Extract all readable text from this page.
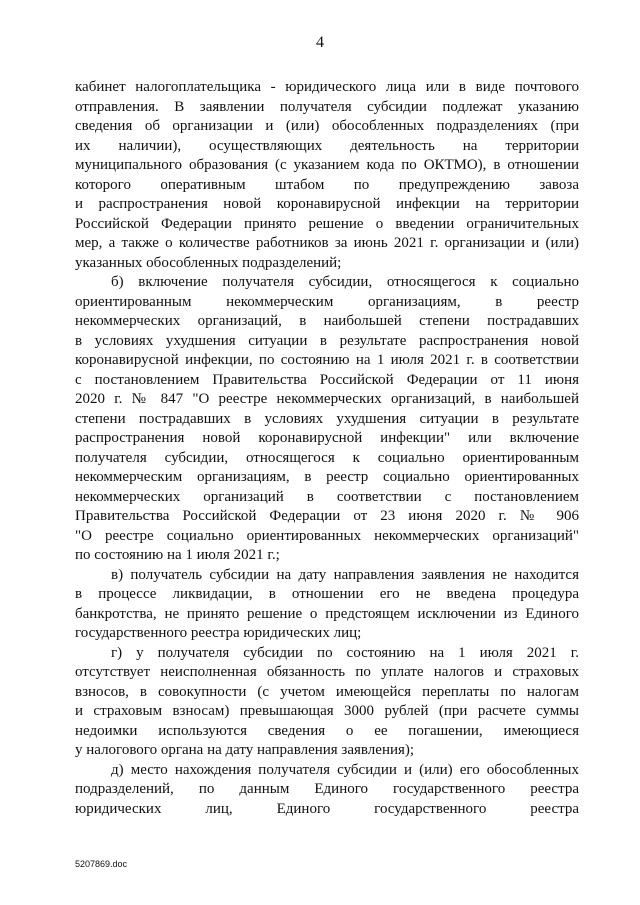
4
кабинет налогоплательщика - юридического лица или в виде почтового
отправления. В заявлении получателя субсидии подлежат указанию
сведения об организации и (или) обособленных подразделениях (при
их наличии), осуществляющих деятельность на территории
муниципального образования (с указанием кода по ОКТМО), в отношении
которого оперативным штабом по предупреждению завоза
и распространения новой коронавирусной инфекции на территории
Российской Федерации принято решение о введении ограничительных
мер, а также о количестве работников за июнь 2021 г. организации и (или)
указанных обособленных подразделений;
б) включение получателя субсидии, относящегося к социально
ориентированным некоммерческим организациям, в реестр
некоммерческих организаций, в наибольшей степени пострадавших
в условиях ухудшения ситуации в результате распространения новой
коронавирусной инфекции, по состоянию на 1 июля 2021 г. в соответствии
с постановлением Правительства Российской Федерации от 11 июня
2020 г. № 847 "О реестре некоммерческих организаций, в наибольшей
степени пострадавших в условиях ухудшения ситуации в результате
распространения новой коронавирусной инфекции" или включение
получателя субсидии, относящегося к социально ориентированным
некоммерческим организациям, в реестр социально ориентированных
некоммерческих организаций в соответствии с постановлением
Правительства Российской Федерации от 23 июня 2020 г. № 906
"О реестре социально ориентированных некоммерческих организаций"
по состоянию на 1 июля 2021 г.;
в) получатель субсидии на дату направления заявления не находится
в процессе ликвидации, в отношении его не введена процедура
банкротства, не принято решение о предстоящем исключении из Единого
государственного реестра юридических лиц;
г) у получателя субсидии по состоянию на 1 июля 2021 г.
отсутствует неисполненная обязанность по уплате налогов и страховых
взносов, в совокупности (с учетом имеющейся переплаты по налогам
и страховым взносам) превышающая 3000 рублей (при расчете суммы
недоимки используются сведения о ее погашении, имеющиеся
у налогового органа на дату направления заявления);
д) место нахождения получателя субсидии и (или) его обособленных
подразделений, по данным Единого государственного реестра
юридических лиц, Единого государственного реестра
5207869.doc
